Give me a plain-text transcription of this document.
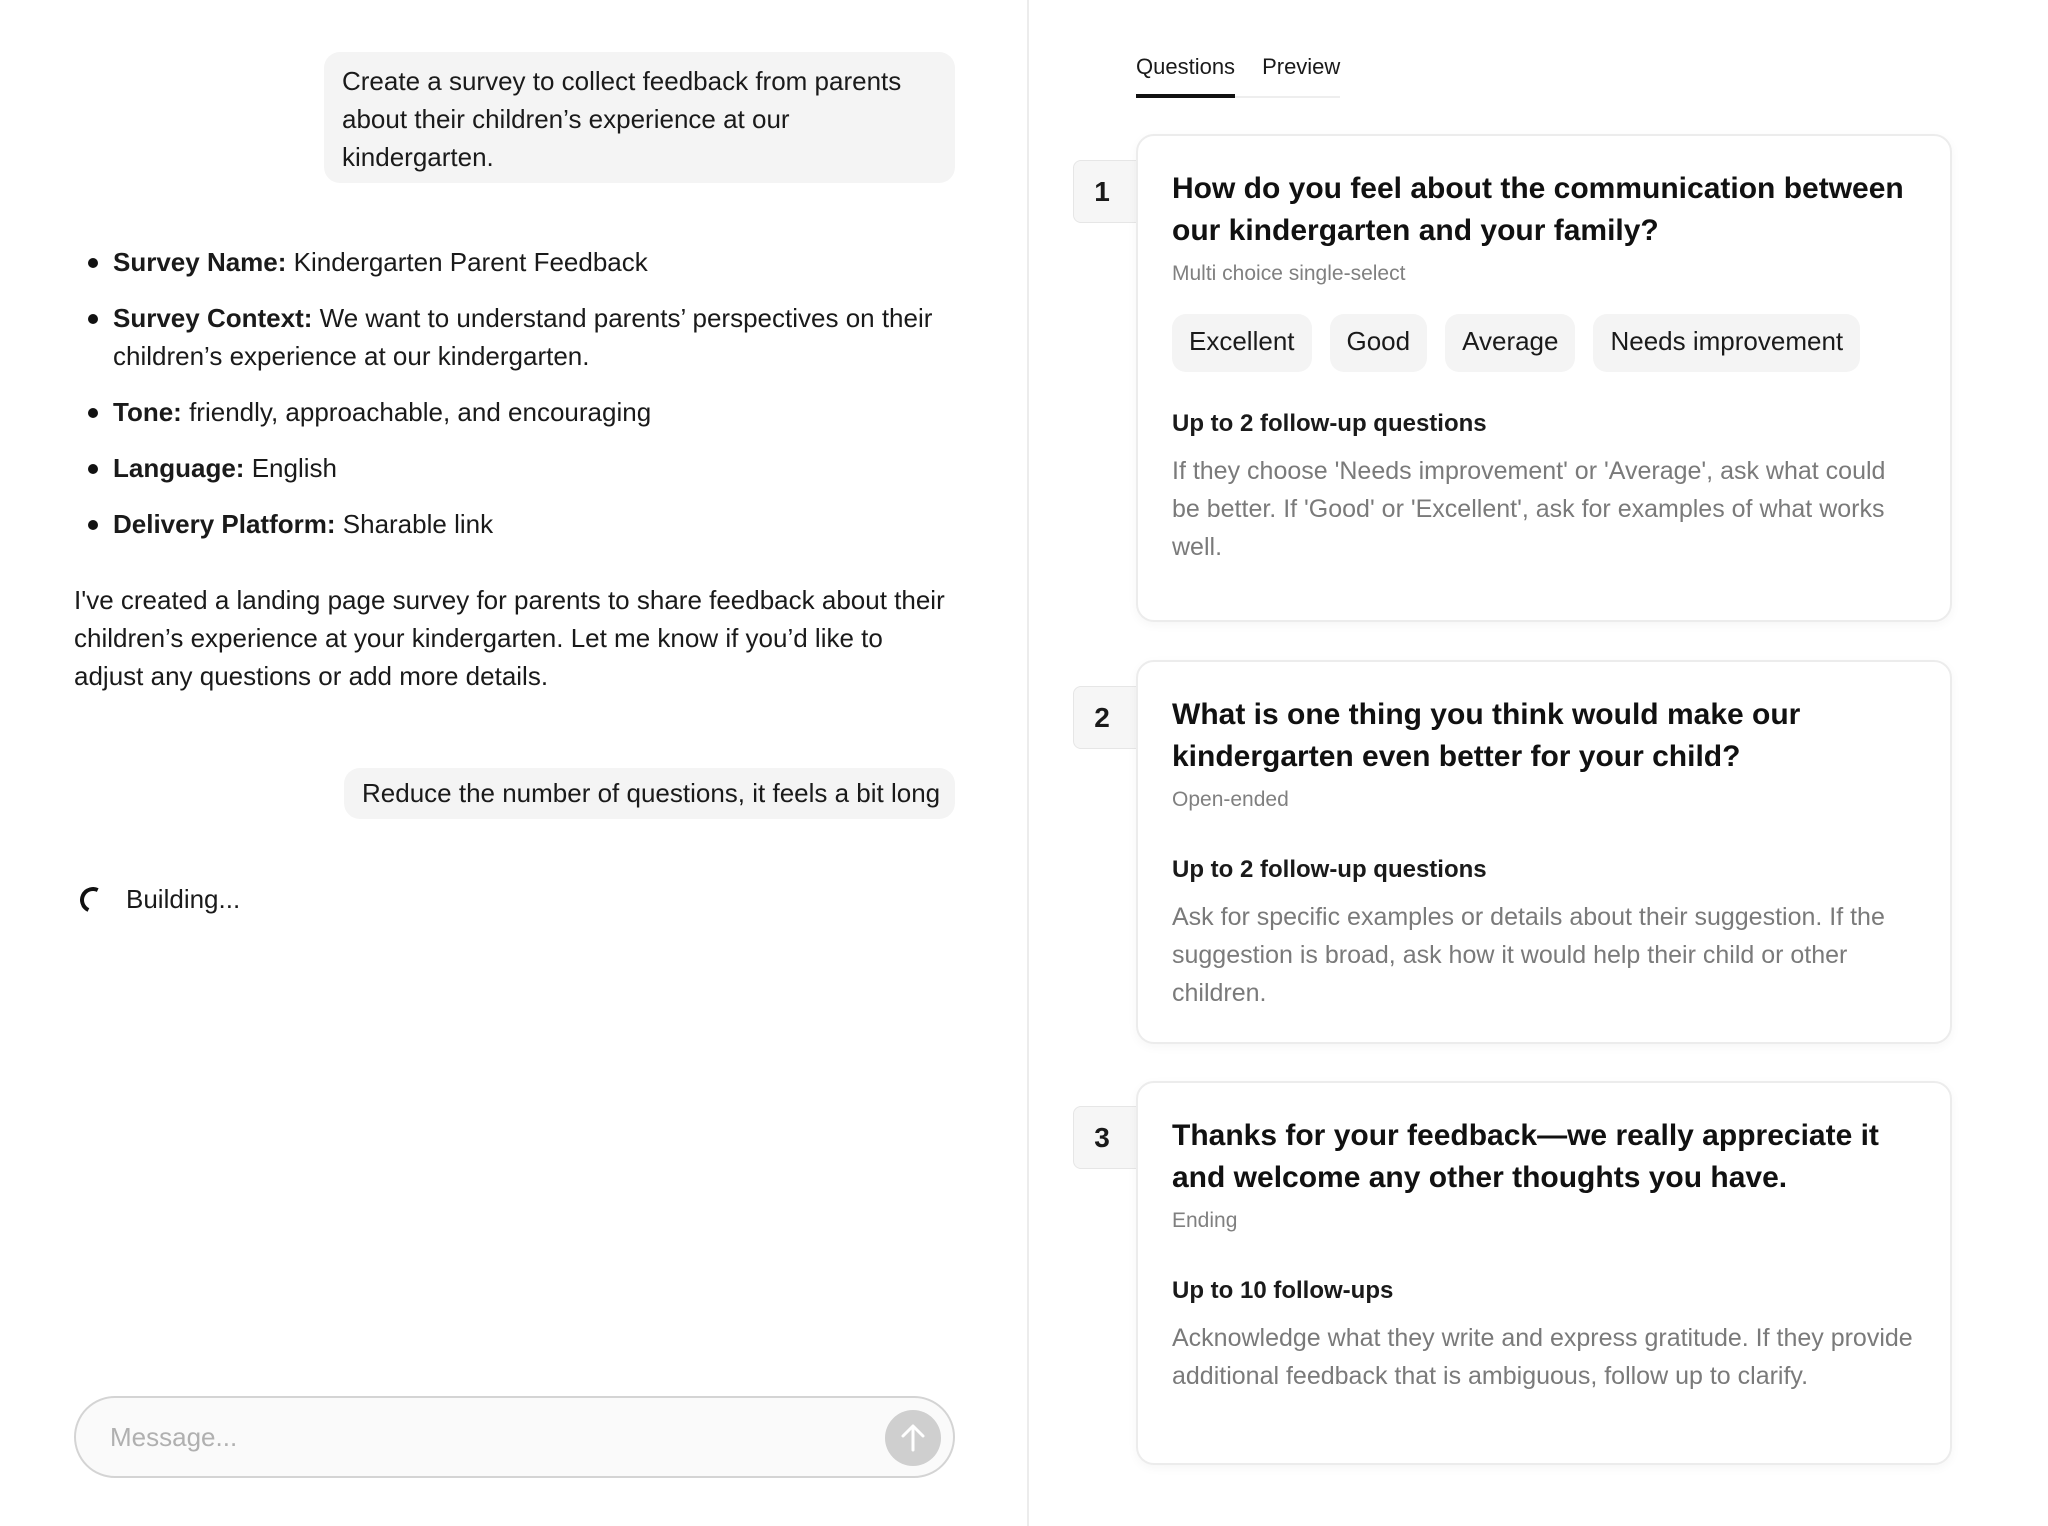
Create a survey to collect feedback from parents about their children’s experience at our kindergarten.
Survey Name: Kindergarten Parent Feedback
Survey Context: We want to understand parents’ perspectives on their children’s experience at our kindergarten.
Tone: friendly, approachable, and encouraging
Language: English
Delivery Platform: Sharable link
I've created a landing page survey for parents to share feedback about their children’s experience at your kindergarten. Let me know if you’d like to adjust any questions or add more details.
Reduce the number of questions, it feels a bit long
Building...
Message...
Questions Preview
1	How do you feel about the communication between our kindergarten and your family?
Multi choice single-select
Excellent	Good	Average	Needs improvement
Up to 2 follow-up questions
If they choose 'Needs improvement' or 'Average', ask what could be better. If 'Good' or 'Excellent', ask for examples of what works well.
2	What is one thing you think would make our kindergarten even better for your child?
Open-ended
Up to 2 follow-up questions
Ask for specific examples or details about their suggestion. If the suggestion is broad, ask how it would help their child or other children.
3	Thanks for your feedback—we really appreciate it and welcome any other thoughts you have.
Ending
Up to 10 follow-ups
Acknowledge what they write and express gratitude. If they provide additional feedback that is ambiguous, follow up to clarify.
